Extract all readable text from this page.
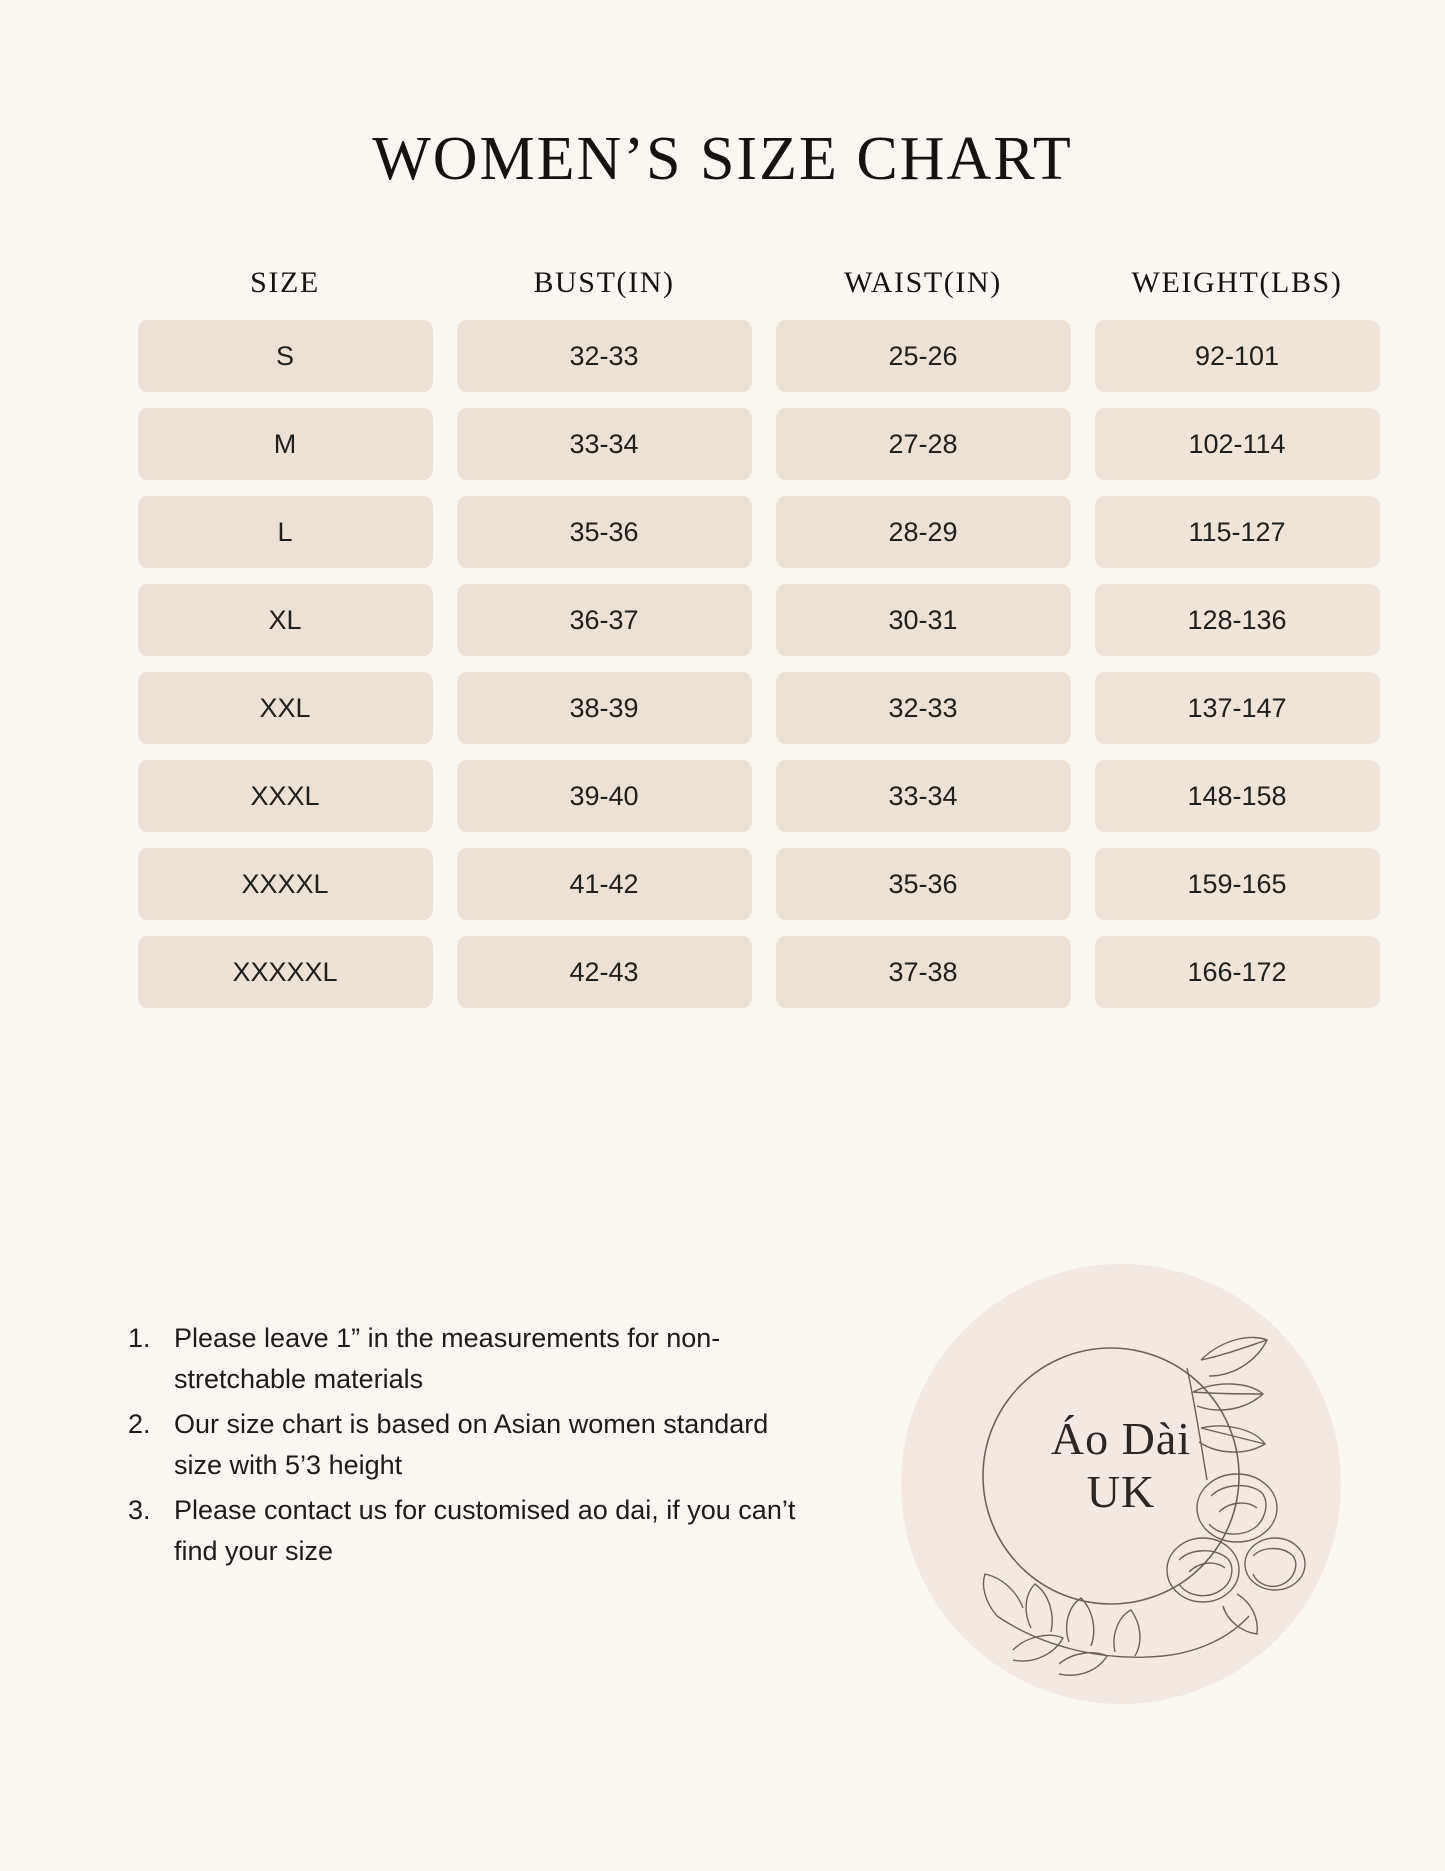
WOMEN’S SIZE CHART
SIZE	BUST(IN)	WAIST(IN)	WEIGHT(LBS)
S	32-33	25-26	92-101
M	33-34	27-28	102-114
L	35-36	28-29	115-127
XL	36-37	30-31	128-136
XXL	38-39	32-33	137-147
XXXL	39-40	33-34	148-158
XXXXL	41-42	35-36	159-165
XXXXXL	42-43	37-38	166-172
1. Please leave 1” in the measurements for non-stretchable materials
2. Our size chart is based on Asian women standard size with 5’3 height
3. Please contact us for customised ao dai, if you can’t find your size
Áo Dài
UK
